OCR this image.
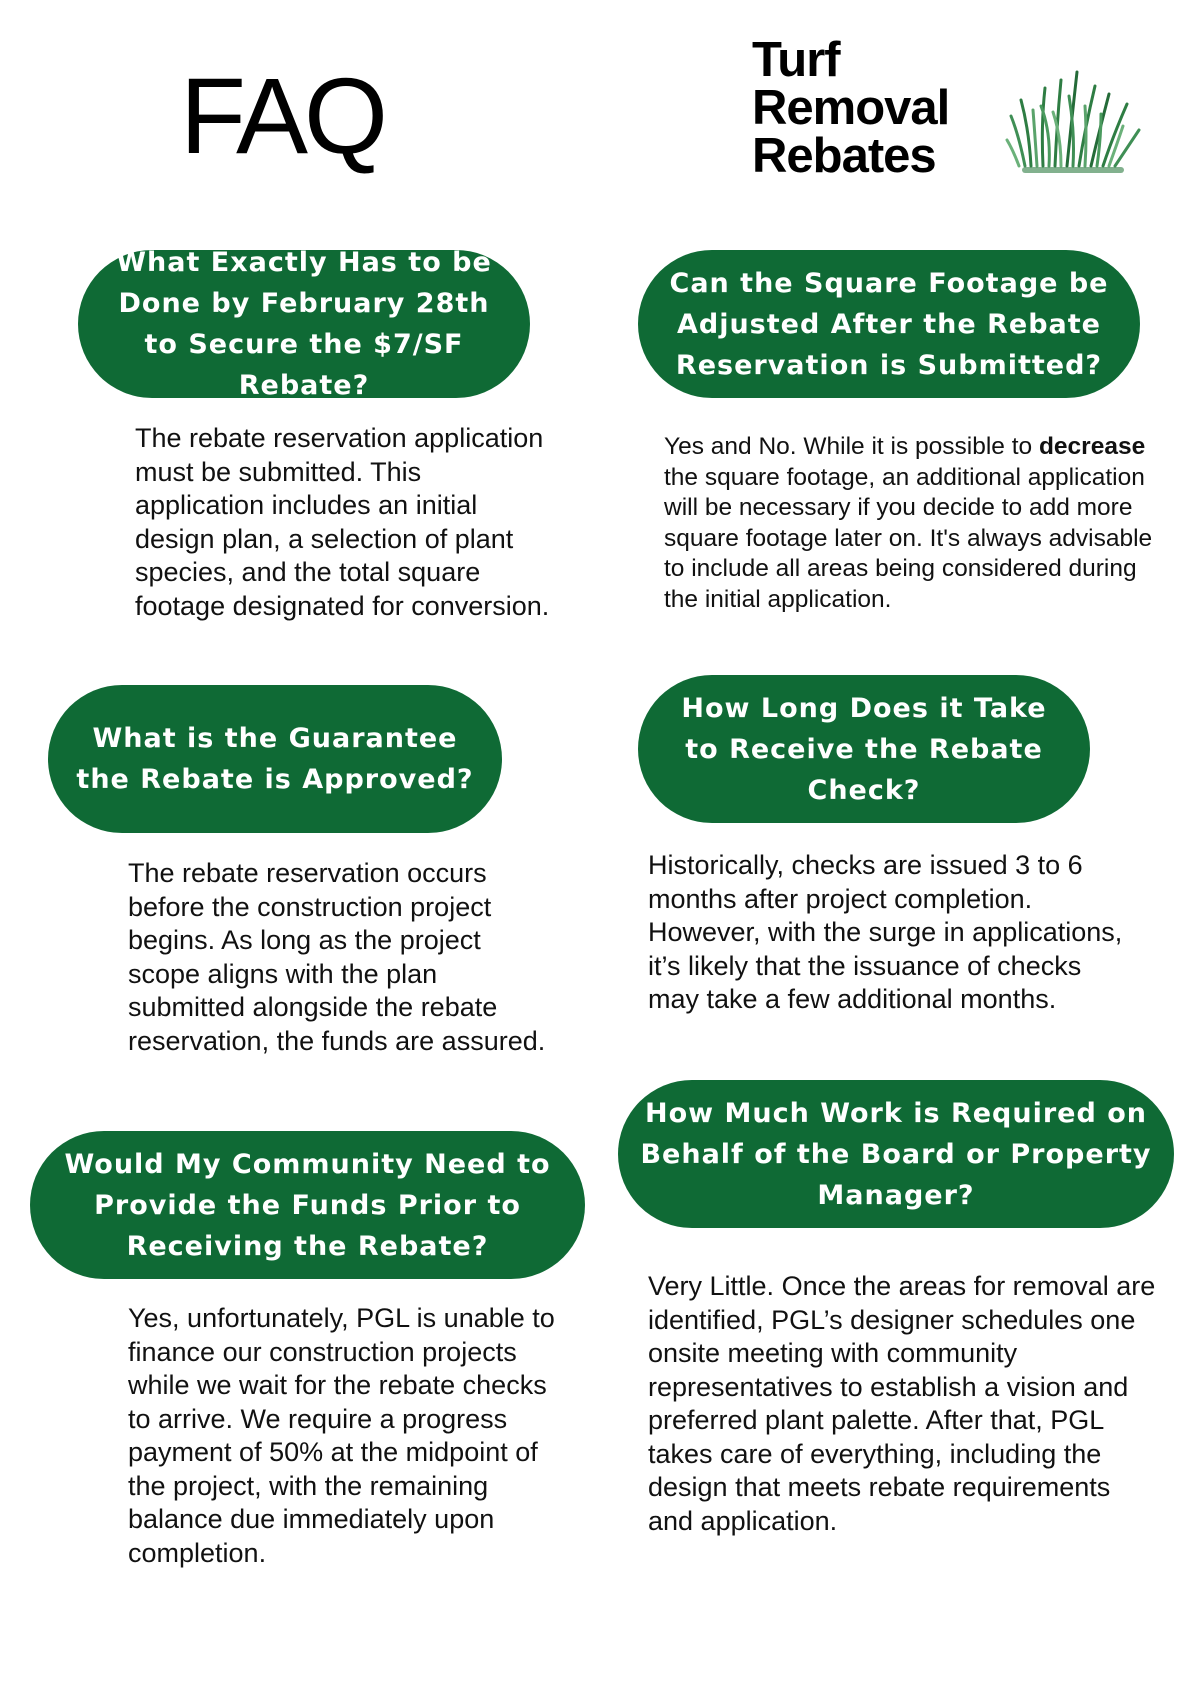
FAQ	Turf
Removal
Rebates
What Exactly Has to be Done by February 28th to Secure the $7/SF Rebate?
The rebate reservation application must be submitted. This application includes an initial design plan, a selection of plant species, and the total square footage designated for conversion.
Can the Square Footage be Adjusted After the Rebate Reservation is Submitted?
Yes and No. While it is possible to decrease the square footage, an additional application will be necessary if you decide to add more square footage later on. It's always advisable to include all areas being considered during the initial application.
What is the Guarantee the Rebate is Approved?
The rebate reservation occurs before the construction project begins. As long as the project scope aligns with the plan submitted alongside the rebate reservation, the funds are assured.
How Long Does it Take to Receive the Rebate Check?
Historically, checks are issued 3 to 6 months after project completion. However, with the surge in applications, it’s likely that the issuance of checks may take a few additional months.
Would My Community Need to Provide the Funds Prior to Receiving the Rebate?
Yes, unfortunately, PGL is unable to finance our construction projects while we wait for the rebate checks to arrive. We require a progress payment of 50% at the midpoint of the project, with the remaining balance due immediately upon completion.
How Much Work is Required on Behalf of the Board or Property Manager?
Very Little. Once the areas for removal are identified, PGL’s designer schedules one onsite meeting with community representatives to establish a vision and preferred plant palette. After that, PGL takes care of everything, including the design that meets rebate requirements and application.
